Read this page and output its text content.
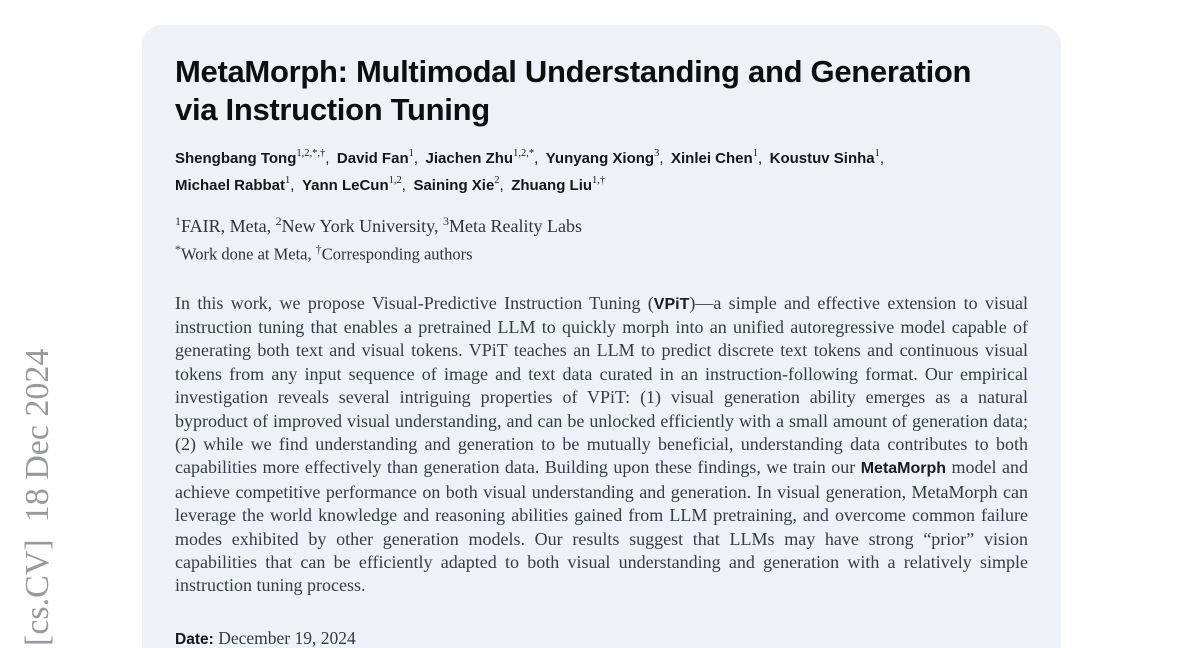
[cs.CV]  18 Dec 2024
MetaMorph: Multimodal Understanding and Generation via Instruction Tuning
Shengbang Tong$^{1,2,*,\dagger}$, David Fan$^1$, Jiachen Zhu$^{1,2,*}$, Yunyang Xiong$^3$, Xinlei Chen$^1$, Koustuv Sinha$^1$,
Michael Rabbat$^1$, Yann LeCun$^{1,2}$, Saining Xie$^2$, Zhuang Liu$^{1,\dagger}$
$^1$FAIR, Meta, $^2$New York University, $^3$Meta Reality Labs
*Work done at Meta, †Corresponding authors

In this work, we propose Visual-Predictive Instruction Tuning (VPiT)—a simple and effective extension to visual instruction tuning that enables a pretrained LLM to quickly morph into an unified autoregressive model capable of generating both text and visual tokens. VPiT teaches an LLM to predict discrete text tokens and continuous visual tokens from any input sequence of image and text data curated in an instruction-following format. Our empirical investigation reveals several intriguing properties of VPiT: (1) visual generation ability emerges as a natural byproduct of improved visual understanding, and can be unlocked efficiently with a small amount of generation data; (2) while we find understanding and generation to be mutually beneficial, understanding data contributes to both capabilities more effectively than generation data. Building upon these findings, we train our MetaMorph model and achieve competitive performance on both visual understanding and generation. In visual generation, MetaMorph can leverage the world knowledge and reasoning abilities gained from LLM pretraining, and overcome common failure modes exhibited by other generation models. Our results suggest that LLMs may have strong “prior” vision capabilities that can be efficiently adapted to both visual understanding and generation with a relatively simple instruction tuning process.

Date: December 19, 2024
